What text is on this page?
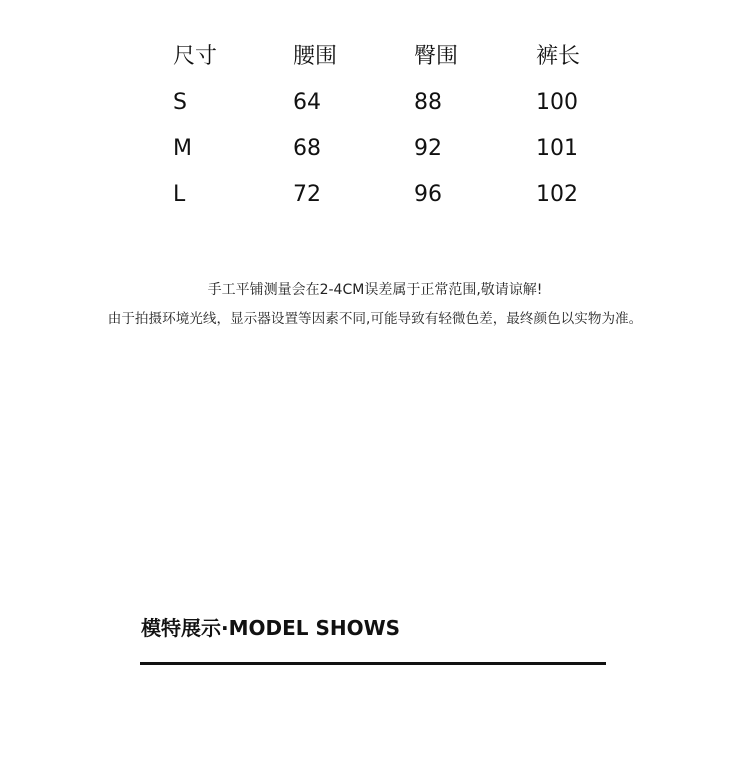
尺寸	腰围	臀围	裤长
S	64	88	100
M	68	92	101
L	72	96	102
手工平铺测量会在2-4CM误差属于正常范围,敬请谅解!
由于拍摄环境光线，显示器设置等因素不同,可能导致有轻微色差，最终颜色以实物为准。
模特展示·MODEL SHOWS
